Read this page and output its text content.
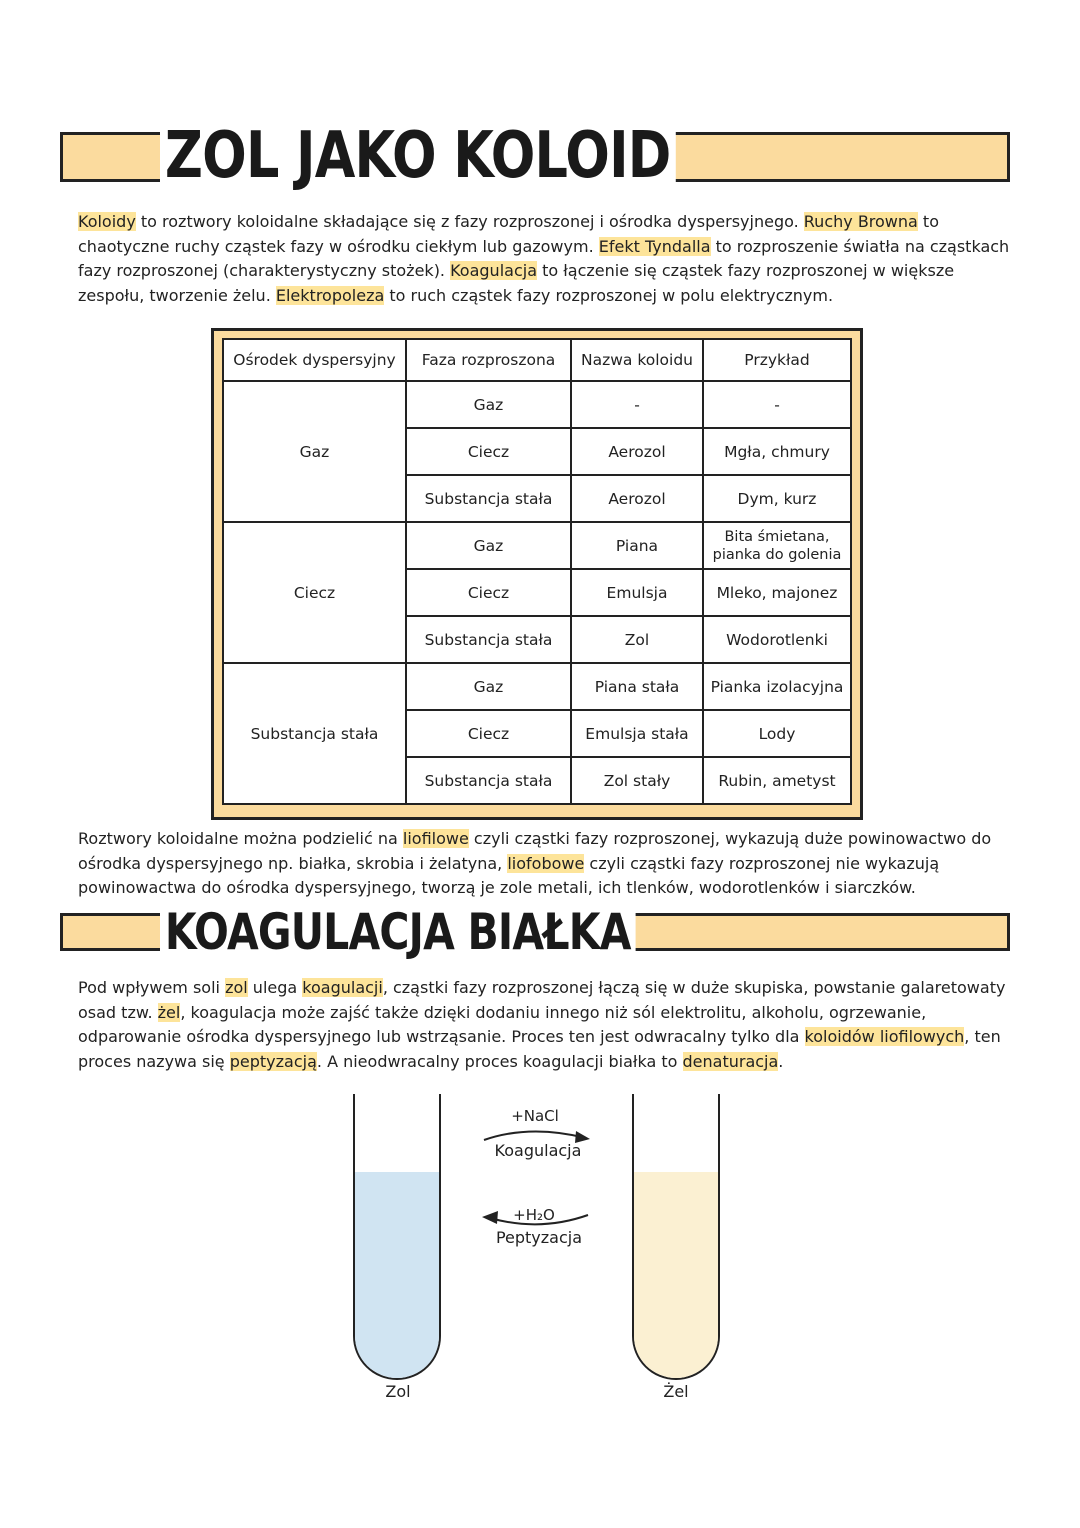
ZOL JAKO KOLOID
Koloidy to roztwory koloidalne składające się z fazy rozproszonej i ośrodka dyspersyjnego. Ruchy Browna to chaotyczne ruchy cząstek fazy w ośrodku ciekłym lub gazowym. Efekt Tyndalla to rozproszenie światła na cząstkach fazy rozproszonej (charakterystyczny stożek). Koagulacja to łączenie się cząstek fazy rozproszonej w większe zespołu, tworzenie żelu. Elektropoleza to ruch cząstek fazy rozproszonej w polu elektrycznym.
Ośrodek dyspersyjny	Faza rozproszona	Nazwa koloidu	Przykład
Gaz	Gaz	-	-
	Ciecz	Aerozol	Mgła, chmury
	Substancja stała	Aerozol	Dym, kurz
Ciecz	Gaz	Piana	Bita śmietana, pianka do golenia
	Ciecz	Emulsja	Mleko, majonez
	Substancja stała	Zol	Wodorotlenki
Substancja stała	Gaz	Piana stała	Pianka izolacyjna
	Ciecz	Emulsja stała	Lody
	Substancja stała	Zol stały	Rubin, ametyst
Roztwory koloidalne można podzielić na liofilowe czyli cząstki fazy rozproszonej, wykazują duże powinowactwo do ośrodka dyspersyjnego np. białka, skrobia i żelatyna, liofobowe czyli cząstki fazy rozproszonej nie wykazują powinowactwa do ośrodka dyspersyjnego, tworzą je zole metali, ich tlenków, wodorotlenków i siarczków.
KOAGULACJA BIAŁKA
Pod wpływem soli zol ulega koagulacji, cząstki fazy rozproszonej łączą się w duże skupiska, powstanie galaretowaty osad tzw. żel, koagulacja może zajść także dzięki dodaniu innego niż sól elektrolitu, alkoholu, ogrzewanie, odparowanie ośrodka dyspersyjnego lub wstrząsanie. Proces ten jest odwracalny tylko dla koloidów liofilowych, ten proces nazywa się peptyzacją. A nieodwracalny proces koagulacji białka to denaturacja.
Zol	Żel
+NaCl
Koagulacja
+H₂O
Peptyzacja
